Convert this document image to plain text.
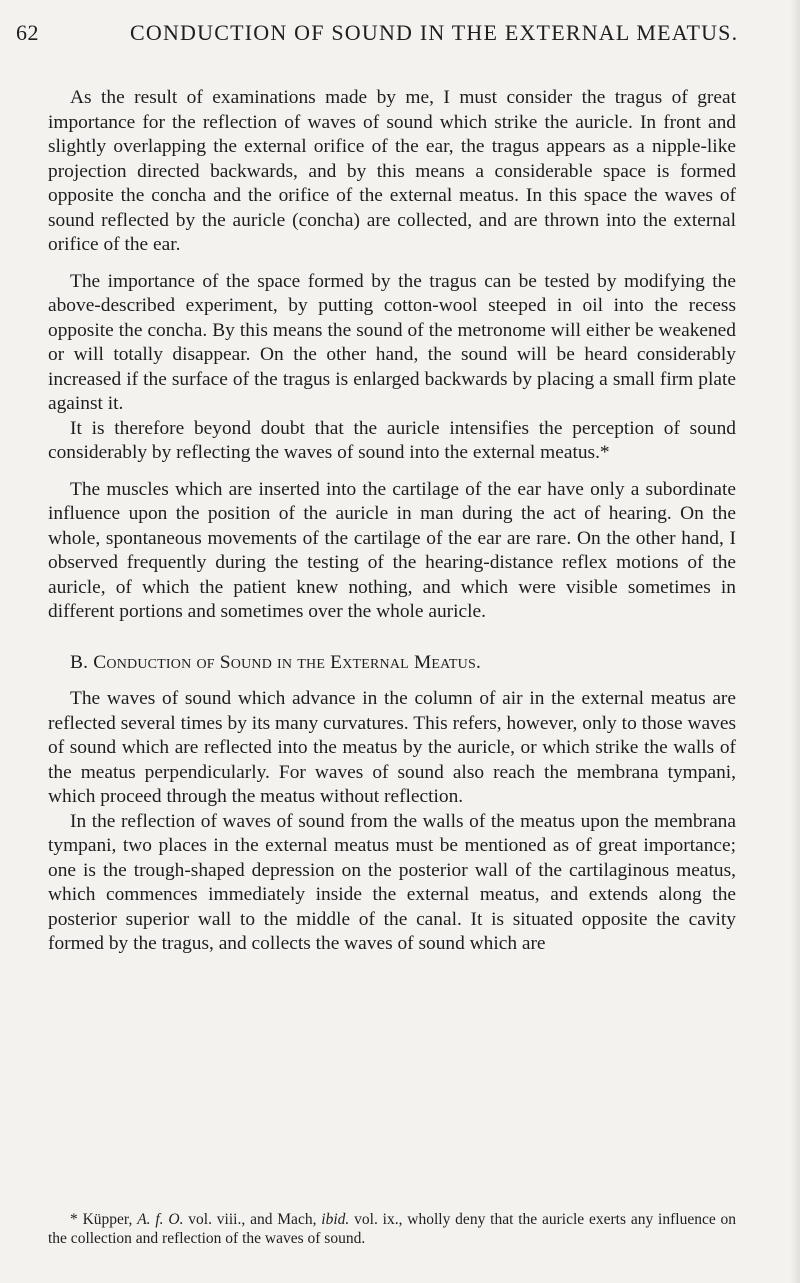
62	CONDUCTION OF SOUND IN THE EXTERNAL MEATUS.

As the result of examinations made by me, I must consider the tragus of great importance for the reflection of waves of sound which strike the auricle. In front and slightly overlapping the external orifice of the ear, the tragus appears as a nipple-like projection directed backwards, and by this means a considerable space is formed opposite the concha and the orifice of the external meatus. In this space the waves of sound reflected by the auricle (concha) are collected, and are thrown into the external orifice of the ear.

The importance of the space formed by the tragus can be tested by modifying the above-described experiment, by putting cotton-wool steeped in oil into the recess opposite the concha. By this means the sound of the metronome will either be weakened or will totally disappear. On the other hand, the sound will be heard considerably increased if the surface of the tragus is enlarged backwards by placing a small firm plate against it.

It is therefore beyond doubt that the auricle intensifies the perception of sound considerably by reflecting the waves of sound into the external meatus.*

The muscles which are inserted into the cartilage of the ear have only a subordinate influence upon the position of the auricle in man during the act of hearing. On the whole, spontaneous movements of the cartilage of the ear are rare. On the other hand, I observed frequently during the testing of the hearing-distance reflex motions of the auricle, of which the patient knew nothing, and which were visible sometimes in different portions and sometimes over the whole auricle.

B. Conduction of Sound in the External Meatus.

The waves of sound which advance in the column of air in the external meatus are reflected several times by its many curvatures. This refers, however, only to those waves of sound which are reflected into the meatus by the auricle, or which strike the walls of the meatus perpendicularly. For waves of sound also reach the membrana tympani, which proceed through the meatus without reflection.

In the reflection of waves of sound from the walls of the meatus upon the membrana tympani, two places in the external meatus must be mentioned as of great importance; one is the trough-shaped depression on the posterior wall of the cartilaginous meatus, which commences immediately inside the external meatus, and extends along the posterior superior wall to the middle of the canal. It is situated opposite the cavity formed by the tragus, and collects the waves of sound which are

* Küpper, A. f. O. vol. viii., and Mach, ibid. vol. ix., wholly deny that the auricle exerts any influence on the collection and reflection of the waves of sound.
